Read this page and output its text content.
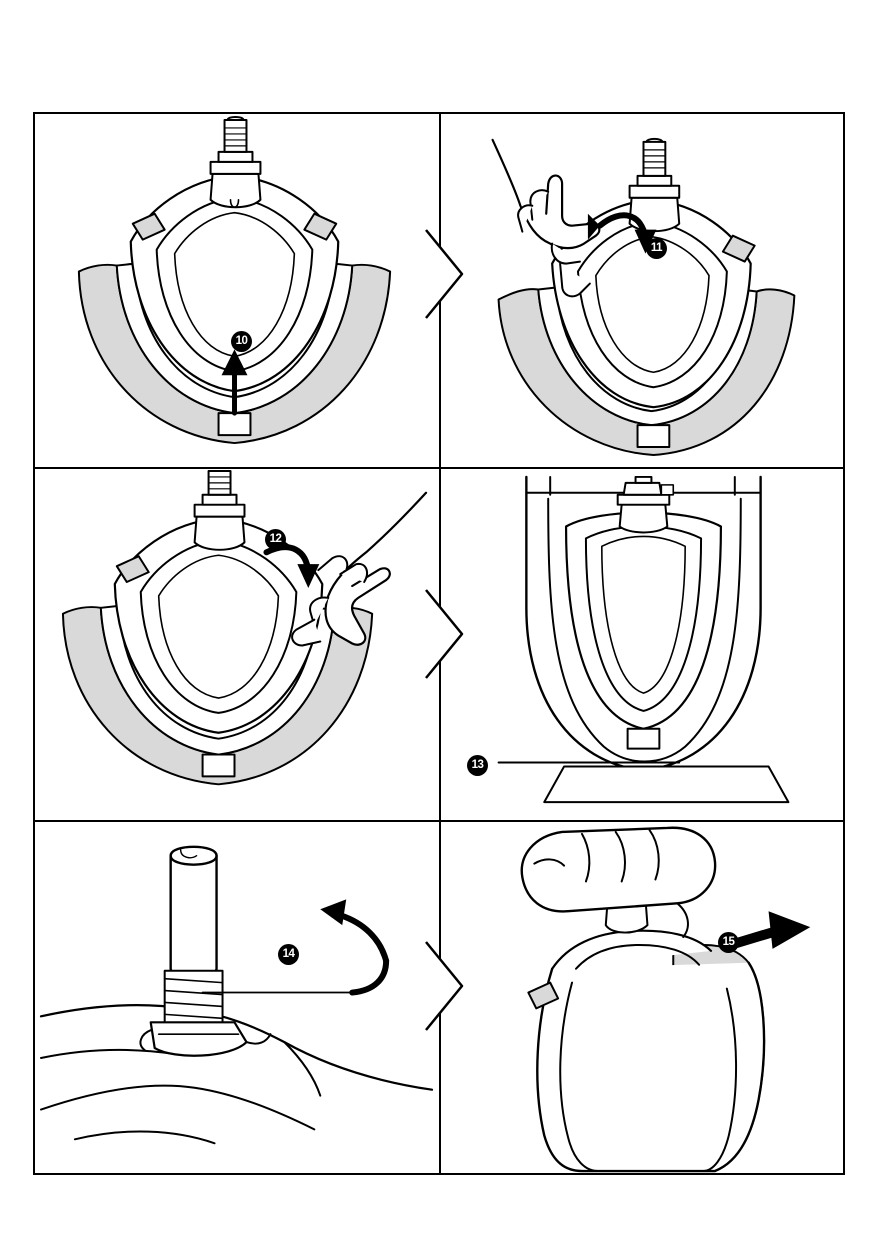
10
11
12
13
14
15
